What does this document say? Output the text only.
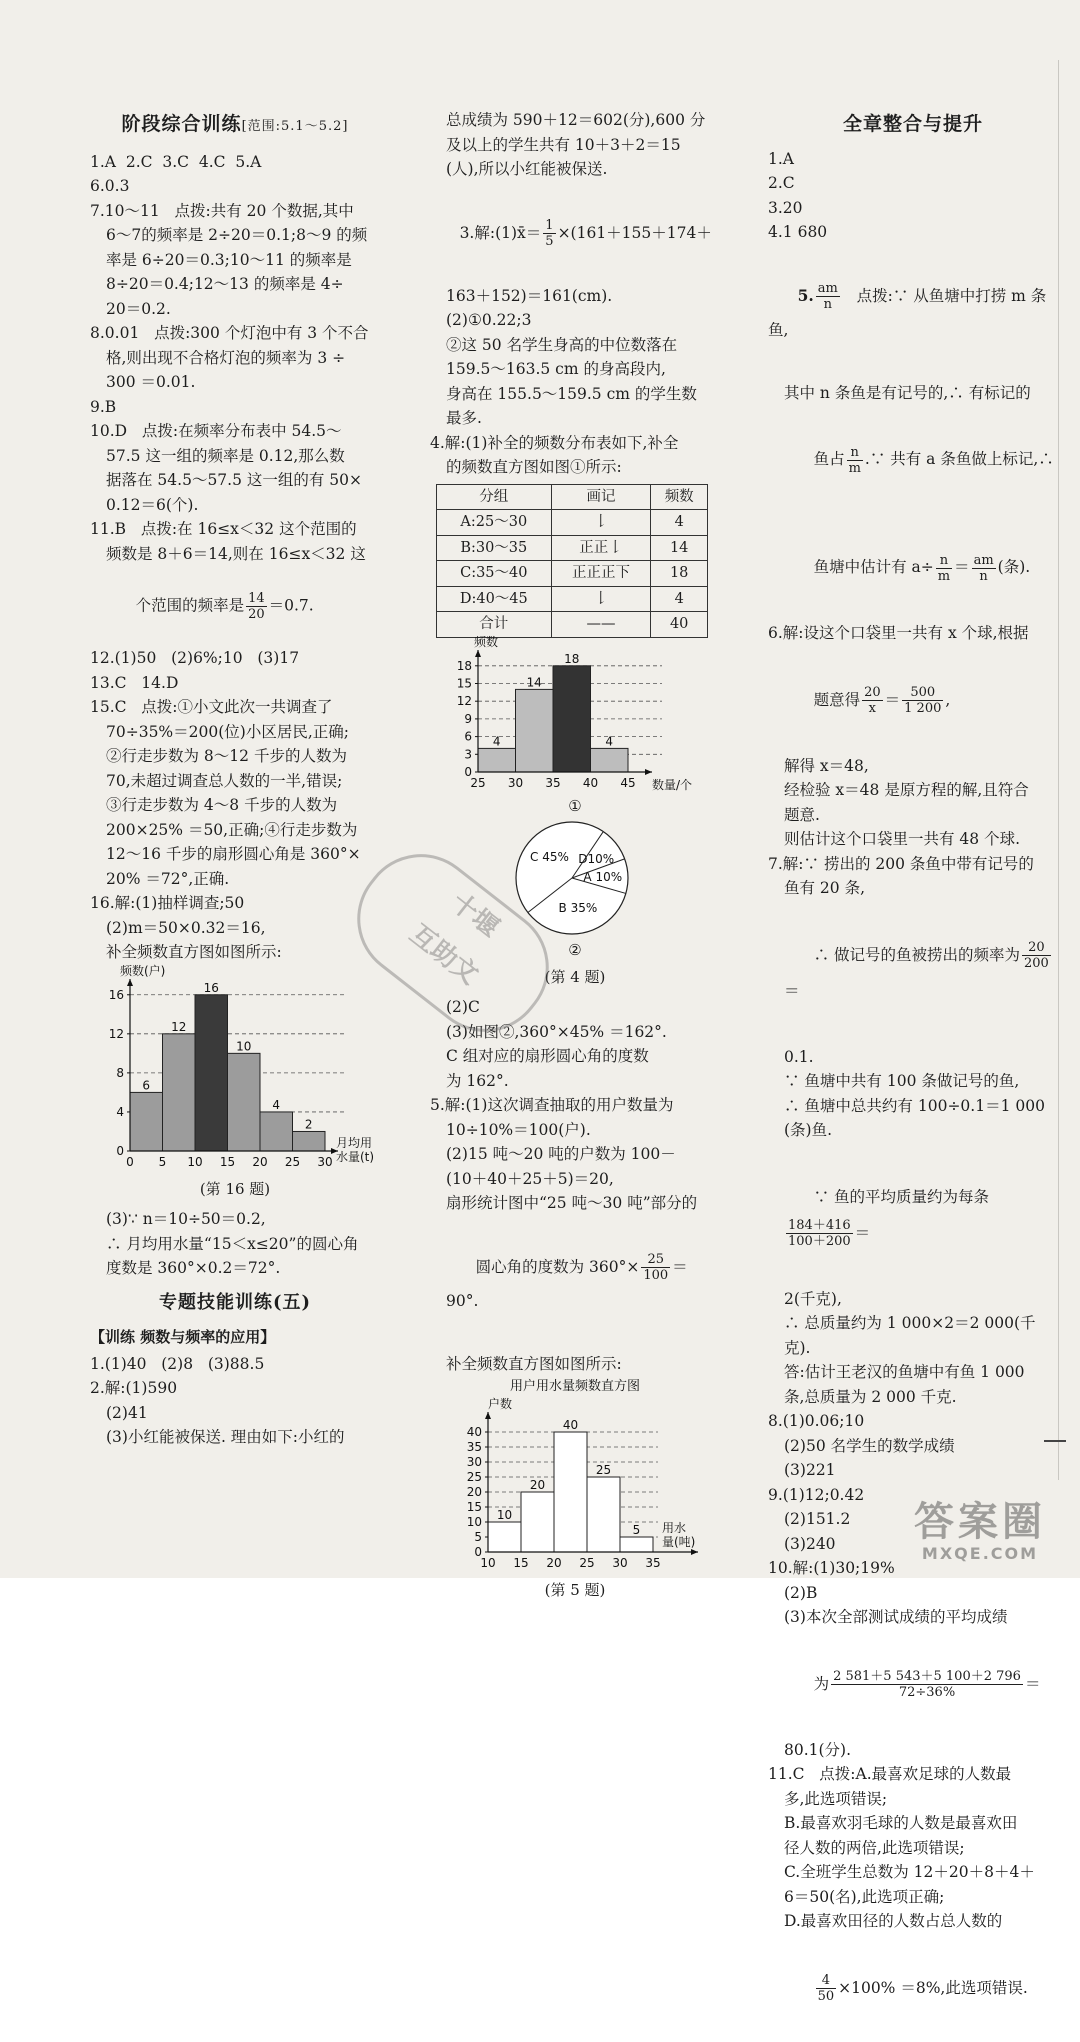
阶段综合训练[范围:5.1～5.2]
1.A  2.C  3.C  4.C  5.A
6.0.3
7.10～11   点拨:共有 20 个数据,其中
6～7的频率是 2÷20＝0.1;8～9 的频
率是 6÷20＝0.3;10～11 的频率是
8÷20＝0.4;12～13 的频率是 4÷
20＝0.2.
8.0.01   点拨:300 个灯泡中有 3 个不合
格,则出现不合格灯泡的频率为 3 ÷
300 ＝0.01.
9.B
10.D   点拨:在频率分布表中 54.5～
57.5 这一组的频率是 0.12,那么数
据落在 54.5～57.5 这一组的有 50×
0.12＝6(个).
11.B   点拨:在 16≤x＜32 这个范围的
频数是 8＋6＝14,则在 16≤x＜32 这

个范围的频率是 $\frac{14}{20} =0.7$.

12.(1)50   (2)6%;10   (3)17
13.C   14.D
15.C   点拨:①小文此次一共调查了
70÷35%＝200(位)小区居民,正确;
②行走步数为 8～12 千步的人数为
70,未超过调查总人数的一半,错误;
③行走步数为 4～8 千步的人数为
200×25% ＝50,正确;④行走步数为
12～16 千步的扇形圆心角是 360°×
20% ＝72°,正确.
16.解:(1)抽样调查;50
(2)m＝50×0.32＝16,
补全频数直方图如图所示:
6
12
16
10
4
2
0
4
8
12
16
0 5 10 15 20 25 30
频数(户)
月均用
水量(t)
(第 16 题)
(3)∵ n＝10÷50＝0.2,
∴ 月均用水量“15＜x≤20”的圆心角
度数是 360°×0.2＝72°.
专题技能训练(五)
【训练 频数与频率的应用】
1.(1)40   (2)8   (3)88.5
2.解:(1)590
(2)41
(3)小红能被保送. 理由如下:小红的
总成绩为 590＋12＝602(分),600 分
及以上的学生共有 10＋3＋2＝15
(人),所以小红能被保送.

3.解:(1)x̄＝ $\frac{1}{5} \times(161+155+174+$

163＋152)＝161(cm).
(2)①0.22;3
②这 50 名学生身高的中位数落在
159.5～163.5 cm 的身高段内,
身高在 155.5～159.5 cm 的学生数
最多.
4.解:(1)补全的频数分布表如下,补全
的频数直方图如图①所示:
分组	画记	频数
A:25～30	𠄌	4
B:30～35	正正𠄌	14
C:35～40	正正正下	18
D:40～45	𠄌	4
合计	——	40
4
14
18
4
0
3
6
9
12
15
18
25 30 35 40 45
频数
数量/个
①
A 10%
B 35%
C 45% D10%
②
(第 4 题)
(2)C
(3)如图②,360°×45% ＝162°.
C 组对应的扇形圆心角的度数
为 162°.
5.解:(1)这次调查抽取的用户数量为
10÷10%＝100(户).
(2)15 吨～20 吨的户数为 100－
(10＋40＋25＋5)＝20,
扇形统计图中“25 吨～30 吨”部分的

圆心角的度数为 $360^\circ\times \frac{25}{100} =90^\circ$.

补全频数直方图如图所示:
10
20
40
25
5
0
5
10
15
20
25
30
35
40
10 15 20 25 30 35
户数
用水
量(吨)
用户用水量频数直方图
(第 5 题)
全章整合与提升
1.A
2.C
3.20
4.1 680

5. $\frac{am}{n}$ 点拨:∵ 从鱼塘中打捞 m 条鱼,

其中 n 条鱼是有记号的,∴ 有标记的

鱼占 $\frac{n}{m}$ .∵ 共有 a 条鱼做上标记,∴

鱼塘中估计有 $a\div \frac{n}{m} = \frac{am}{n}$ (条).

6.解:设这个口袋里一共有 x 个球,根据

题意得 $\frac{20}{x} = \frac{500}{1 200}$ ,

解得 x＝48,
经检验 x＝48 是原方程的解,且符合
题意.
则估计这个口袋里一共有 48 个球.
7.解:∵ 捞出的 200 条鱼中带有记号的
鱼有 20 条,

∴ 做记号的鱼被捞出的频率为 $\frac{20}{200}$
＝

0.1.
∵ 鱼塘中共有 100 条做记号的鱼,
∴ 鱼塘中总共约有 100÷0.1＝1 000
(条)鱼.

∵ 鱼的平均质量约为每条
$\frac{184+416}{100+200}$ ＝

2(千克),
∴ 总质量约为 1 000×2＝2 000(千
克).
答:估计王老汉的鱼塘中有鱼 1 000
条,总质量为 2 000 千克.
8.(1)0.06;10
(2)50 名学生的数学成绩
(3)221
9.(1)12;0.42
(2)151.2
(3)240
10.解:(1)30;19%
(2)B
(3)本次全部测试成绩的平均成绩

为 $\frac{2 581+5 543+5 100+2 796}{72\div 36\%}$ ＝

80.1(分).
11.C   点拨:A.最喜欢足球的人数最
多,此选项错误;
B.最喜欢羽毛球的人数是最喜欢田
径人数的两倍,此选项错误;
C.全班学生总数为 12＋20＋8＋4＋
6＝50(名),此选项正确;
D.最喜欢田径的人数占总人数的

$\frac{4}{50} \times 100\% =8\%$,此选项错误.

十堰
互助文
答案圈
MXQE.COM
